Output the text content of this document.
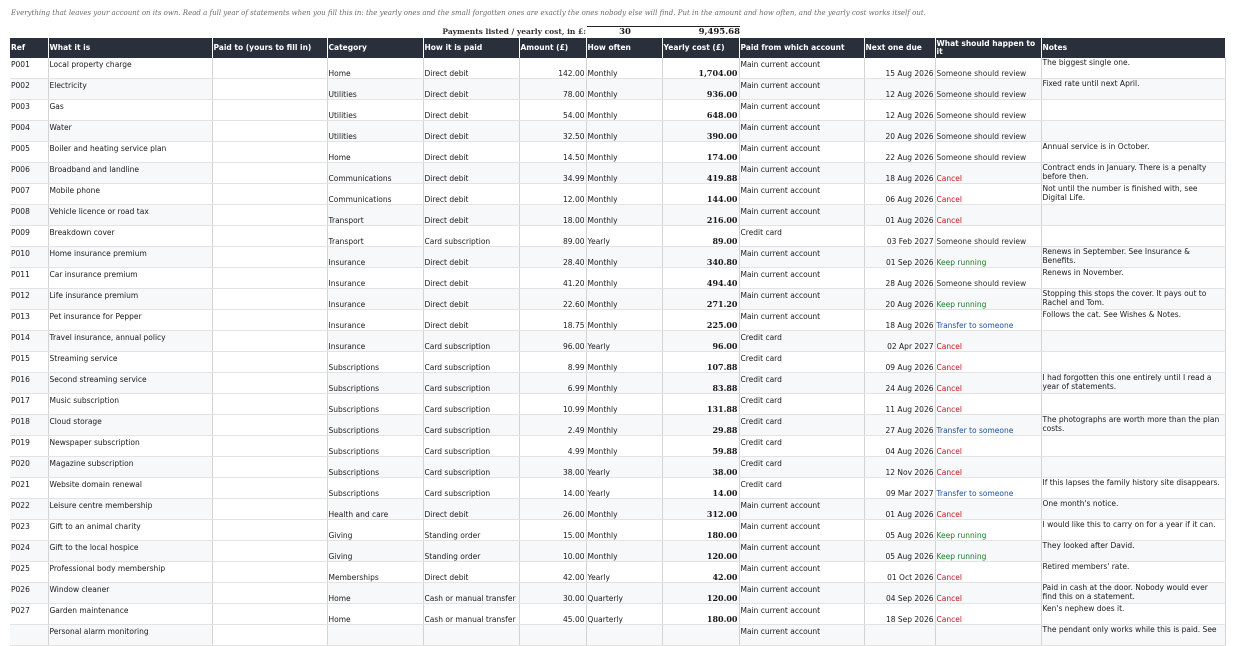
Everything that leaves your account on its own. Read a full year of statements when you fill this in: the yearly ones and the small forgotten ones are exactly the ones nobody else will find. Put in the amount and how often, and the yearly cost works itself out.
Payments listed / yearly cost, in £:	30	9,495.68
Ref	What it is	Paid to (yours to fill in)	Category	How it is paid	Amount (£)	How often	Yearly cost (£)	Paid from which account	Next one due	What should happen to it	Notes
P001	Local property charge		Home	Direct debit	142.00	Monthly	1,704.00	Main current account	15 Aug 2026	Someone should review	The biggest single one.
P002	Electricity		Utilities	Direct debit	78.00	Monthly	936.00	Main current account	12 Aug 2026	Someone should review	Fixed rate until next April.
P003	Gas		Utilities	Direct debit	54.00	Monthly	648.00	Main current account	12 Aug 2026	Someone should review	
P004	Water		Utilities	Direct debit	32.50	Monthly	390.00	Main current account	20 Aug 2026	Someone should review	
P005	Boiler and heating service plan		Home	Direct debit	14.50	Monthly	174.00	Main current account	22 Aug 2026	Someone should review	Annual service is in October.
P006	Broadband and landline		Communications	Direct debit	34.99	Monthly	419.88	Main current account	18 Aug 2026	Cancel	Contract ends in January. There is a penalty before then.
P007	Mobile phone		Communications	Direct debit	12.00	Monthly	144.00	Main current account	06 Aug 2026	Cancel	Not until the number is finished with, see Digital Life.
P008	Vehicle licence or road tax		Transport	Direct debit	18.00	Monthly	216.00	Main current account	01 Aug 2026	Cancel	
P009	Breakdown cover		Transport	Card subscription	89.00	Yearly	89.00	Credit card	03 Feb 2027	Someone should review	
P010	Home insurance premium		Insurance	Direct debit	28.40	Monthly	340.80	Main current account	01 Sep 2026	Keep running	Renews in September. See Insurance & Benefits.
P011	Car insurance premium		Insurance	Direct debit	41.20	Monthly	494.40	Main current account	28 Aug 2026	Someone should review	Renews in November.
P012	Life insurance premium		Insurance	Direct debit	22.60	Monthly	271.20	Main current account	20 Aug 2026	Keep running	Stopping this stops the cover. It pays out to Rachel and Tom.
P013	Pet insurance for Pepper		Insurance	Direct debit	18.75	Monthly	225.00	Main current account	18 Aug 2026	Transfer to someone	Follows the cat. See Wishes & Notes.
P014	Travel insurance, annual policy		Insurance	Card subscription	96.00	Yearly	96.00	Credit card	02 Apr 2027	Cancel	
P015	Streaming service		Subscriptions	Card subscription	8.99	Monthly	107.88	Credit card	09 Aug 2026	Cancel	
P016	Second streaming service		Subscriptions	Card subscription	6.99	Monthly	83.88	Credit card	24 Aug 2026	Cancel	I had forgotten this one entirely until I read a year of statements.
P017	Music subscription		Subscriptions	Card subscription	10.99	Monthly	131.88	Credit card	11 Aug 2026	Cancel	
P018	Cloud storage		Subscriptions	Card subscription	2.49	Monthly	29.88	Credit card	27 Aug 2026	Transfer to someone	The photographs are worth more than the plan costs.
P019	Newspaper subscription		Subscriptions	Card subscription	4.99	Monthly	59.88	Credit card	04 Aug 2026	Cancel	
P020	Magazine subscription		Subscriptions	Card subscription	38.00	Yearly	38.00	Credit card	12 Nov 2026	Cancel	
P021	Website domain renewal		Subscriptions	Card subscription	14.00	Yearly	14.00	Credit card	09 Mar 2027	Transfer to someone	If this lapses the family history site disappears.
P022	Leisure centre membership		Health and care	Direct debit	26.00	Monthly	312.00	Main current account	01 Aug 2026	Cancel	One month's notice.
P023	Gift to an animal charity		Giving	Standing order	15.00	Monthly	180.00	Main current account	05 Aug 2026	Keep running	I would like this to carry on for a year if it can.
P024	Gift to the local hospice		Giving	Standing order	10.00	Monthly	120.00	Main current account	05 Aug 2026	Keep running	They looked after David.
P025	Professional body membership		Memberships	Direct debit	42.00	Yearly	42.00	Main current account	01 Oct 2026	Cancel	Retired members' rate.
P026	Window cleaner		Home	Cash or manual transfer	30.00	Quarterly	120.00	Main current account	04 Sep 2026	Cancel	Paid in cash at the door. Nobody would ever find this on a statement.
P027	Garden maintenance		Home	Cash or manual transfer	45.00	Quarterly	180.00	Main current account	18 Sep 2026	Cancel	Ken's nephew does it.
	Personal alarm monitoring							Main current account			The pendant only works while this is paid. See
